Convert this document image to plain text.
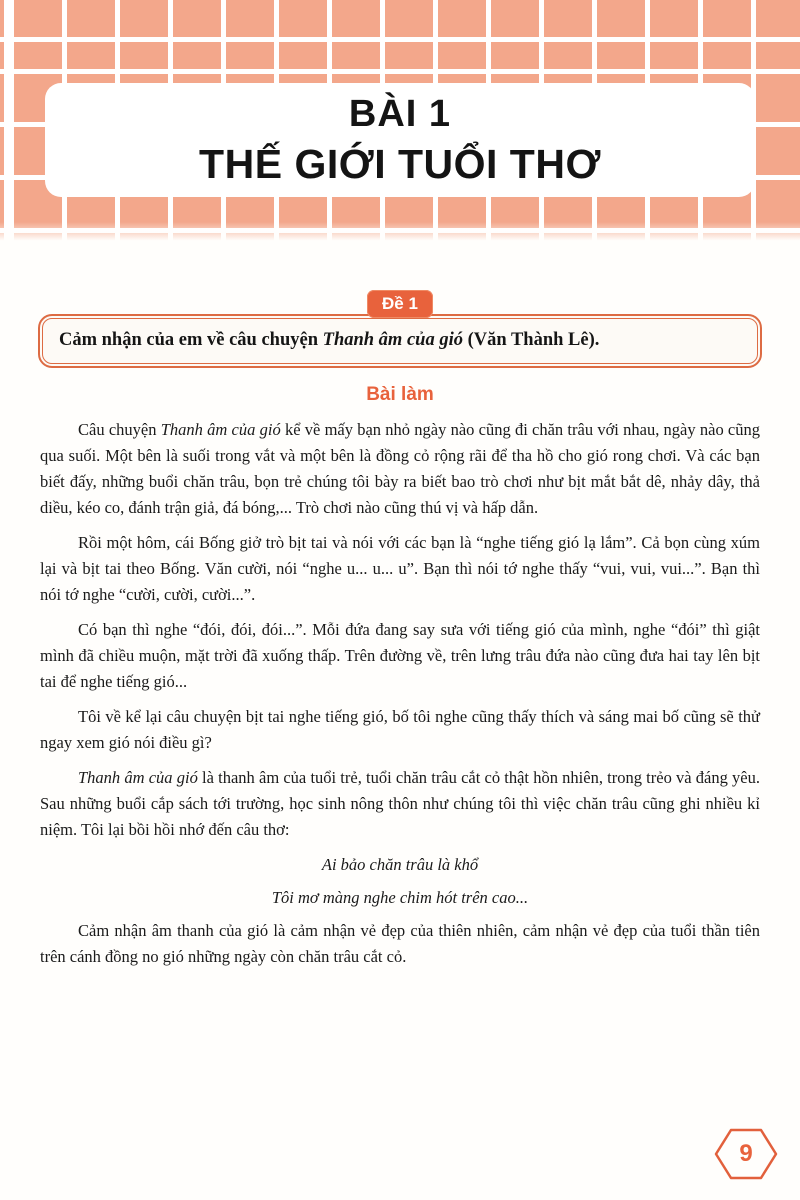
BÀI 1
THẾ GIỚI TUỔI THƠ
Đề 1

Cảm nhận của em về câu chuyện Thanh âm của gió (Văn Thành Lê).

Bài làm

Câu chuyện Thanh âm của gió kể về mấy bạn nhỏ ngày nào cũng đi chăn trâu với nhau, ngày nào cũng qua suối. Một bên là suối trong vắt và một bên là đồng cỏ rộng rãi để tha hồ cho gió rong chơi. Và các bạn biết đấy, những buổi chăn trâu, bọn trẻ chúng tôi bày ra biết bao trò chơi như bịt mắt bắt dê, nhảy dây, thả diều, kéo co, đánh trận giả, đá bóng,... Trò chơi nào cũng thú vị và hấp dẫn.

Rồi một hôm, cái Bống giở trò bịt tai và nói với các bạn là “nghe tiếng gió lạ lắm”. Cả bọn cùng xúm lại và bịt tai theo Bống. Văn cười, nói “nghe u... u... u”. Bạn thì nói tớ nghe thấy “vui, vui, vui...”. Bạn thì nói tớ nghe “cười, cười, cười...”.

Có bạn thì nghe “đói, đói, đói...”. Mỗi đứa đang say sưa với tiếng gió của mình, nghe “đói” thì giật mình đã chiều muộn, mặt trời đã xuống thấp. Trên đường về, trên lưng trâu đứa nào cũng đưa hai tay lên bịt tai để nghe tiếng gió...

Tôi về kể lại câu chuyện bịt tai nghe tiếng gió, bố tôi nghe cũng thấy thích và sáng mai bố cũng sẽ thử ngay xem gió nói điều gì?

Thanh âm của gió là thanh âm của tuổi trẻ, tuổi chăn trâu cắt cỏ thật hồn nhiên, trong trẻo và đáng yêu. Sau những buổi cắp sách tới trường, học sinh nông thôn như chúng tôi thì việc chăn trâu cũng ghi nhiều kỉ niệm. Tôi lại bồi hồi nhớ đến câu thơ:

Ai bảo chăn trâu là khổ

Tôi mơ màng nghe chim hót trên cao...

Cảm nhận âm thanh của gió là cảm nhận vẻ đẹp của thiên nhiên, cảm nhận vẻ đẹp của tuổi thần tiên trên cánh đồng no gió những ngày còn chăn trâu cắt cỏ.

9
